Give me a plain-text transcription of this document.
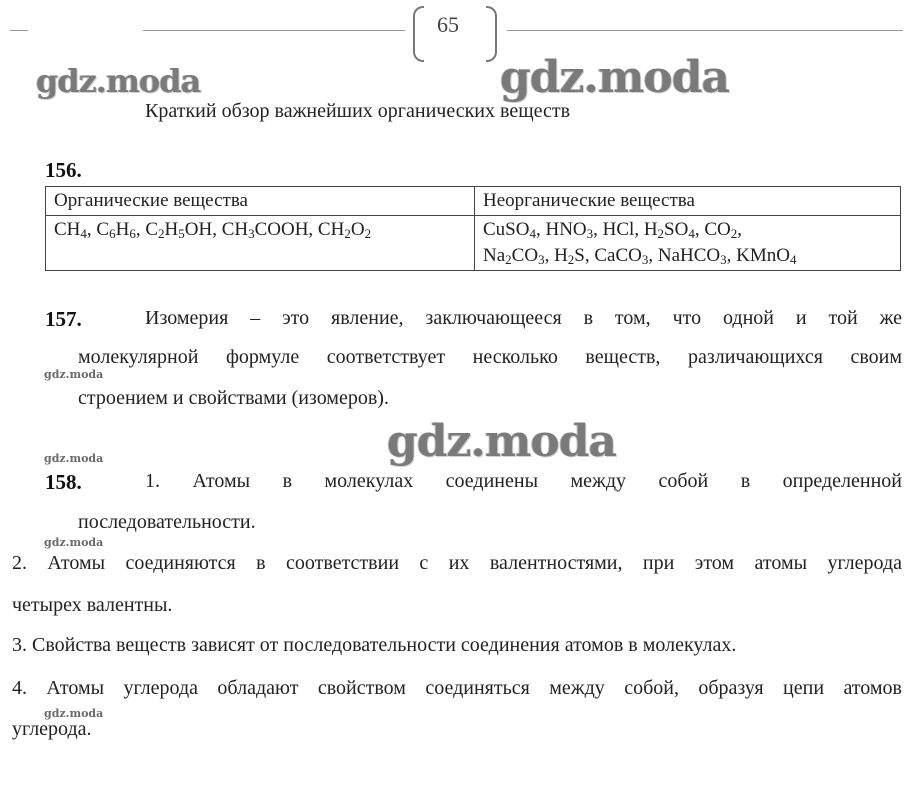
65
gdz.moda	gdz.moda
gdz.moda
gdz.moda
gdz.moda
gdz.moda
gdz.moda
Краткий обзор важнейших органических веществ
156.
Органические вещества	Неорганические вещества
$CH_4$, $C_6H_6$, $C_2H_5OH$, $CH_3COOH$, $CH_2O_2$	CuSO$_4$, $HNO_3$, HCl, $H_2SO_4$, $CO_2$,
$Na_2CO_3$, $H_2S$, CaCO$_3$, NaHCO$_3$, KMnO$_4$
157.	Изомерия – это явление, заключающееся в том, что одной и той же
молекулярной формуле соответствует несколько веществ, различающихся своим
строением и свойствами (изомеров).
158.	1. Атомы в молекулах соединены между собой в определенной
последовательности.
2. Атомы соединяются в соответствии с их валентностями, при этом атомы углерода
четырех валентны.
3. Свойства веществ зависят от последовательности соединения атомов в молекулах.
4. Атомы углерода обладают свойством соединяться между собой, образуя цепи атомов
углерода.
